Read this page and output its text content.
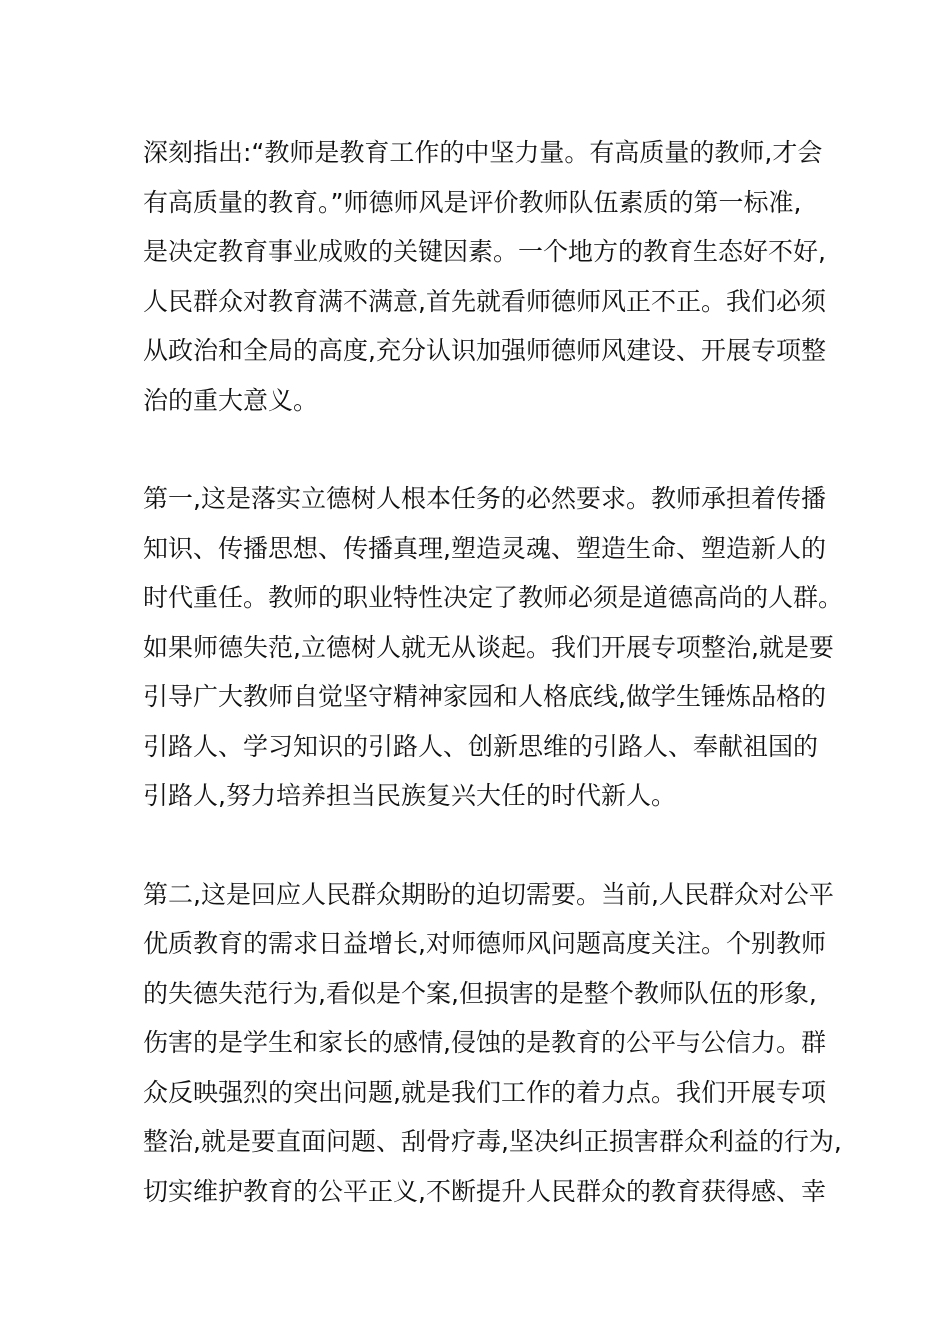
深刻指出:“教师是教育工作的中坚力量。有高质量的教师,才会
有高质量的教育。”师德师风是评价教师队伍素质的第一标准,
是决定教育事业成败的关键因素。一个地方的教育生态好不好,
人民群众对教育满不满意,首先就看师德师风正不正。我们必须
从政治和全局的高度,充分认识加强师德师风建设、开展专项整
治的重大意义。
第一,这是落实立德树人根本任务的必然要求。教师承担着传播
知识、传播思想、传播真理,塑造灵魂、塑造生命、塑造新人的
时代重任。教师的职业特性决定了教师必须是道德高尚的人群。
如果师德失范,立德树人就无从谈起。我们开展专项整治,就是要
引导广大教师自觉坚守精神家园和人格底线,做学生锤炼品格的
引路人、学习知识的引路人、创新思维的引路人、奉献祖国的
引路人,努力培养担当民族复兴大任的时代新人。
第二,这是回应人民群众期盼的迫切需要。当前,人民群众对公平
优质教育的需求日益增长,对师德师风问题高度关注。个别教师
的失德失范行为,看似是个案,但损害的是整个教师队伍的形象,
伤害的是学生和家长的感情,侵蚀的是教育的公平与公信力。群
众反映强烈的突出问题,就是我们工作的着力点。我们开展专项
整治,就是要直面问题、刮骨疗毒,坚决纠正损害群众利益的行为,
切实维护教育的公平正义,不断提升人民群众的教育获得感、幸
